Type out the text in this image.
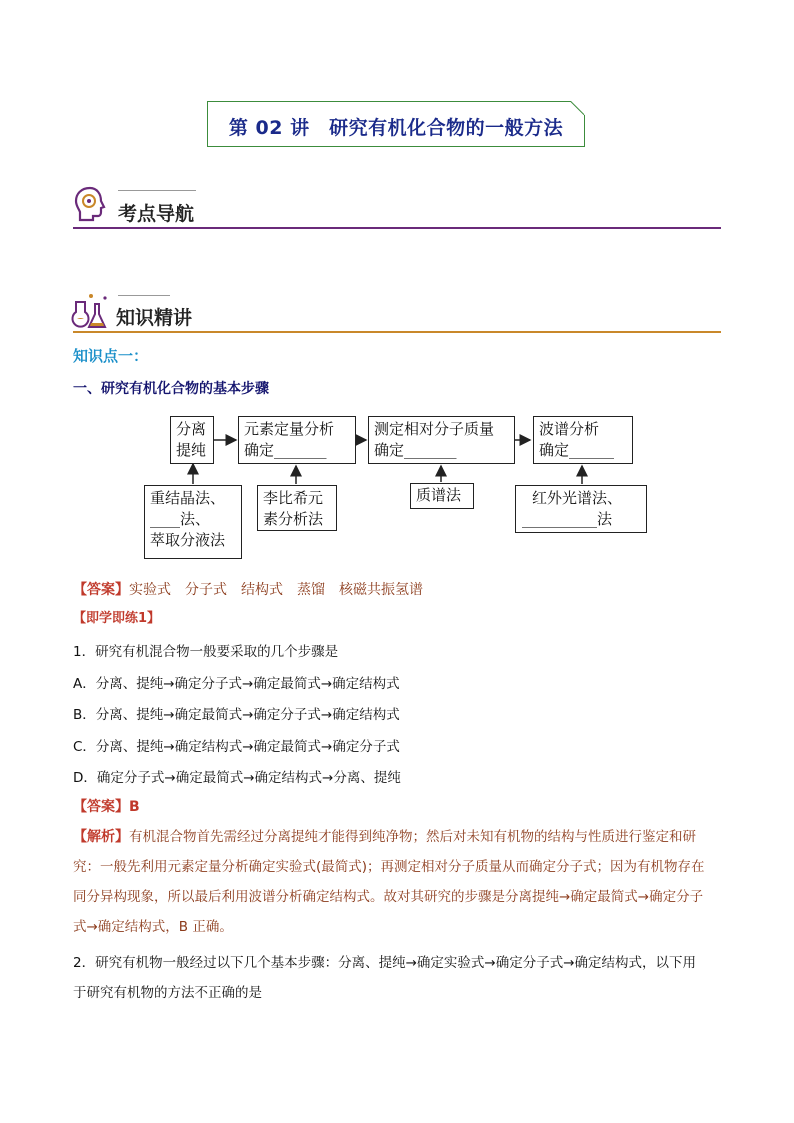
第 02 讲　研究有机化合物的一般方法
考点导航
知识精讲
知识点一：
一、研究有机化合物的基本步骤
分离
提纯
元素定量分析
确定_______
测定相对分子质量
确定_______
波谱分析
确定______
重结晶法、
____法、
萃取分液法
李比希元
素分析法
质谱法	红外光谱法、
__________法
【答案】实验式　分子式　结构式　蒸馏　核磁共振氢谱
【即学即练1】
1．研究有机混合物一般要采取的几个步骤是
A．分离、提纯→确定分子式→确定最简式→确定结构式
B．分离、提纯→确定最简式→确定分子式→确定结构式
C．分离、提纯→确定结构式→确定最简式→确定分子式
D．确定分子式→确定最简式→确定结构式→分离、提纯
【答案】B
【解析】有机混合物首先需经过分离提纯才能得到纯净物；然后对未知有机物的结构与性质进行鉴定和研
究：一般先利用元素定量分析确定实验式(最简式)；再测定相对分子质量从而确定分子式；因为有机物存在
同分异构现象，所以最后利用波谱分析确定结构式。故对其研究的步骤是分离提纯→确定最简式→确定分子
式→确定结构式，B 正确。
2．研究有机物一般经过以下几个基本步骤：分离、提纯→确定实验式→确定分子式→确定结构式，以下用
于研究有机物的方法不正确的是
